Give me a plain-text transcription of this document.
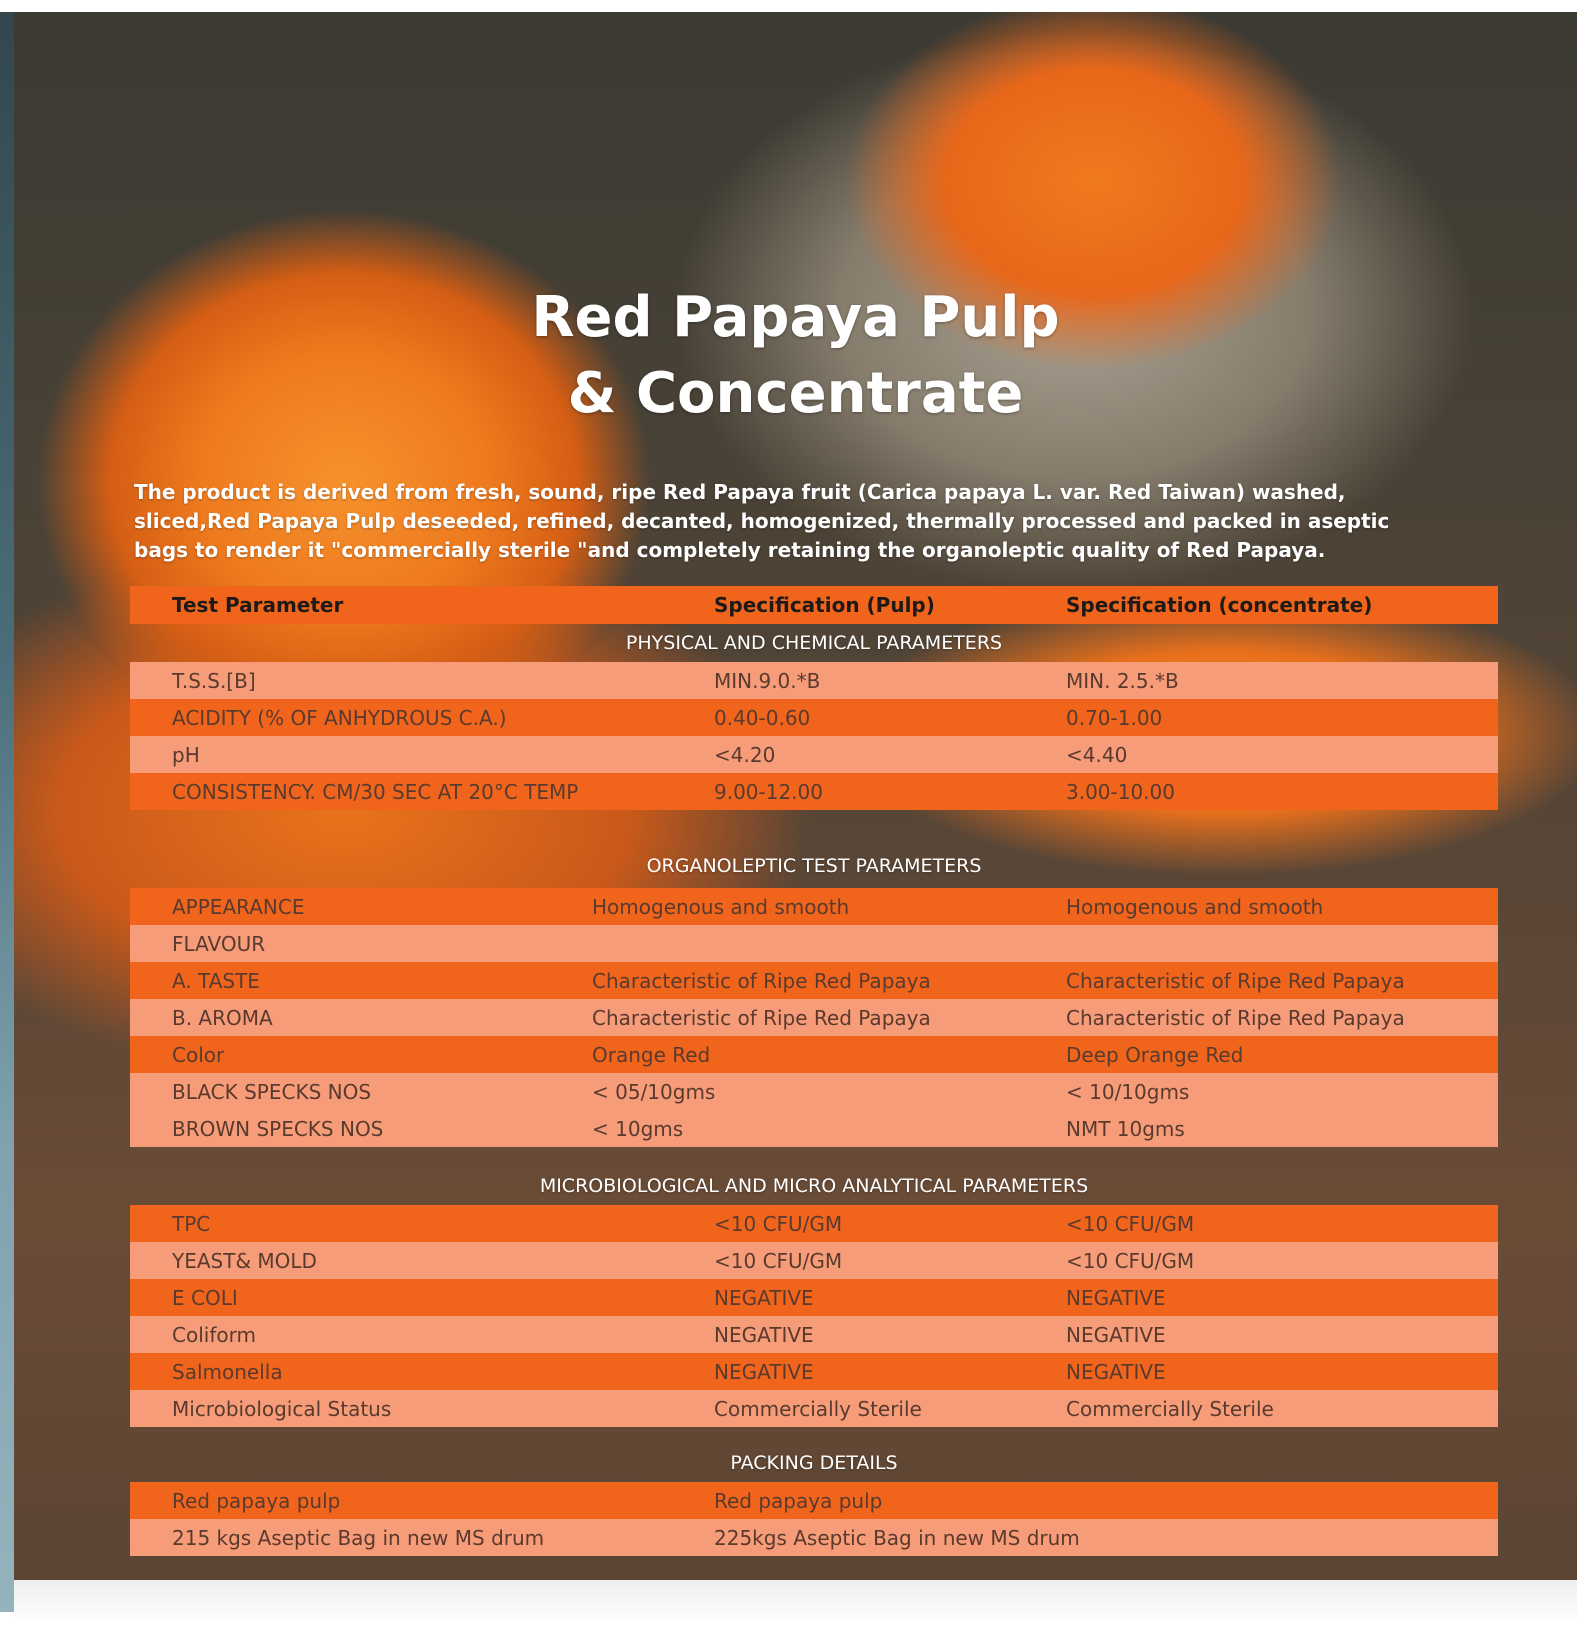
Red Papaya Pulp
& Concentrate

The product is derived from fresh, sound, ripe Red Papaya fruit (Carica papaya L. var. Red Taiwan) washed, sliced,Red Papaya Pulp deseeded, refined, decanted, homogenized, thermally processed and packed in aseptic bags to render it "commercially sterile "and completely retaining the organoleptic quality of Red Papaya.

Test Parameter	Specification (Pulp)	Specification (concentrate)
PHYSICAL AND CHEMICAL PARAMETERS
T.S.S.[B]	MIN.9.0.*B	MIN. 2.5.*B
ACIDITY (% OF ANHYDROUS C.A.)	0.40-0.60	0.70-1.00
pH	<4.20	<4.40
CONSISTENCY. CM/30 SEC AT 20°C TEMP	9.00-12.00	3.00-10.00
ORGANOLEPTIC TEST PARAMETERS
APPEARANCE	Homogenous and smooth	Homogenous and smooth
FLAVOUR
A. TASTE	Characteristic of Ripe Red Papaya	Characteristic of Ripe Red Papaya
B. AROMA	Characteristic of Ripe Red Papaya	Characteristic of Ripe Red Papaya
Color	Orange Red	Deep Orange Red
BLACK SPECKS NOS	< 05/10gms	< 10/10gms
BROWN SPECKS NOS	< 10gms	NMT 10gms
MICROBIOLOGICAL AND MICRO ANALYTICAL PARAMETERS
TPC	<10 CFU/GM	<10 CFU/GM
YEAST& MOLD	<10 CFU/GM	<10 CFU/GM
E COLI	NEGATIVE	NEGATIVE
Coliform	NEGATIVE	NEGATIVE
Salmonella	NEGATIVE	NEGATIVE
Microbiological Status	Commercially Sterile	Commercially Sterile
PACKING DETAILS
Red papaya pulp	Red papaya pulp
215 kgs Aseptic Bag in new MS drum	225kgs Aseptic Bag in new MS drum
